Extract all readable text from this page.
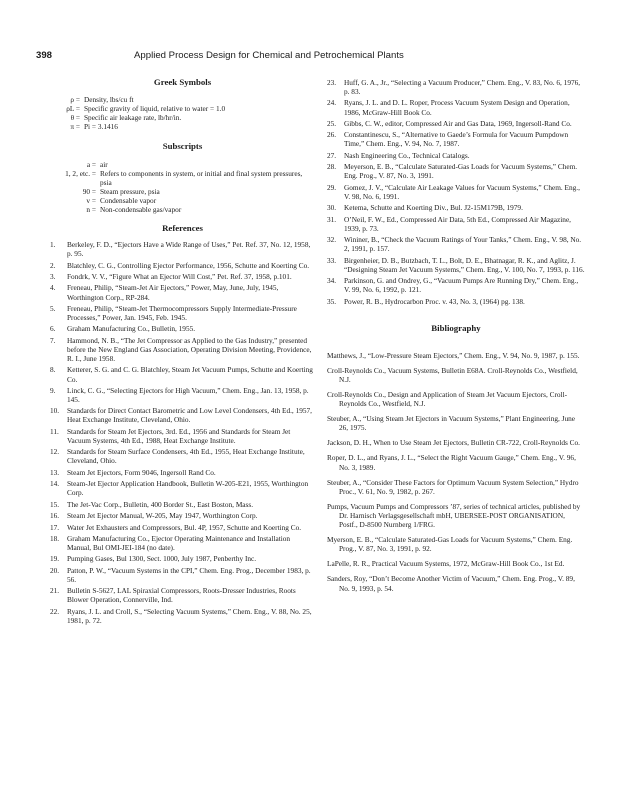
398	Applied Process Design for Chemical and Petrochemical Plants
Greek Symbols
ρ = Density, lbs/cu ft
ρL = Specific gravity of liquid, relative to water = 1.0
θ = Specific air leakage rate, lb/hr/in.
π = Pi = 3.1416
Subscripts
a = air
1, 2, etc. = Refers to components in system, or initial and final system pressures, psia
90 = Steam pressure, psia
v = Condensable vapor
n = Non-condensable gas/vapor
References
1. Berkeley, F. D., “Ejectors Have a Wide Range of Uses,” Pet. Ref. 37, No. 12, 1958, p. 95.
2. Blatchley, C. G., Controlling Ejector Performance, 1956, Schutte and Koerting Co.
3. Fondrk, V. V., “Figure What an Ejector Will Cost,” Pet. Ref. 37, 1958, p.101.
4. Freneau, Philip, “Steam-Jet Air Ejectors,” Power, May, June, July, 1945, Worthington Corp., RP-284.
5. Freneau, Philip, “Steam-Jet Thermocompressors Supply Intermediate-Pressure Processes,” Power, Jan. 1945, Feb. 1945.
6. Graham Manufacturing Co., Bulletin, 1955.
7. Hammond, N. B., “The Jet Compressor as Applied to the Gas Industry,” presented before the New England Gas Association, Operating Division Meeting, Providence, R. I., June 1958.
8. Ketterer, S. G. and C. G. Blatchley, Steam Jet Vacuum Pumps, Schutte and Koerting Co.
9. Linck, C. G., “Selecting Ejectors for High Vacuum,” Chem. Eng., Jan. 13, 1958, p. 145.
10. Standards for Direct Contact Barometric and Low Level Condensers, 4th Ed., 1957, Heat Exchange Institute, Cleveland, Ohio.
11. Standards for Steam Jet Ejectors, 3rd. Ed., 1956 and Standards for Steam Jet Vacuum Systems, 4th Ed., 1988, Heat Exchange Institute.
12. Standards for Steam Surface Condensers, 4th Ed., 1955, Heat Exchange Institute, Cleveland, Ohio.
13. Steam Jet Ejectors, Form 9046, Ingersoll Rand Co.
14. Steam-Jet Ejector Application Handbook, Bulletin W-205-E21, 1955, Worthington Corp.
15. The Jet-Vac Corp., Bulletin, 400 Border St., East Boston, Mass.
16. Steam Jet Ejector Manual, W-205, May 1947, Worthington Corp.
17. Water Jet Exhausters and Compressors, Bul. 4P, 1957, Schutte and Koerting Co.
18. Graham Manufacturing Co., Ejector Operating Maintenance and Installation Manual, Bul OMI-JEI-184 (no date).
19. Pumping Gases, Bul 1300, Sect. 1000, July 1987, Penberthy Inc.
20. Patton, P. W., “Vacuum Systems in the CPI,” Chem. Eng. Prog., December 1983, p. 56.
21. Bulletin S-5627, LAL Spiraxial Compressors, Roots-Dresser Industries, Roots Blower Operation, Connerville, Ind.
22. Ryans, J. L. and Croll, S., “Selecting Vacuum Systems,” Chem. Eng., V. 88, No. 25, 1981, p. 72.
23. Huff, G. A., Jr., “Selecting a Vacuum Producer,” Chem. Eng., V. 83, No. 6, 1976, p. 83.
24. Ryans, J. L. and D. L. Roper, Process Vacuum System Design and Operation, 1986, McGraw-Hill Book Co.
25. Gibbs, C. W., editor, Compressed Air and Gas Data, 1969, Ingersoll-Rand Co.
26. Constantinescu, S., “Alternative to Gaede’s Formula for Vacuum Pumpdown Time,” Chem. Eng., V. 94, No. 7, 1987.
27. Nash Engineering Co., Technical Catalogs.
28. Meyerson, E. B., “Calculate Saturated-Gas Loads for Vacuum Systems,” Chem. Eng. Prog., V. 87, No. 3, 1991.
29. Gomez, J. V., “Calculate Air Leakage Values for Vacuum Systems,” Chem. Eng., V. 98, No. 6, 1991.
30. Ketema, Schutte and Koerting Div., Bul. J2-15M179B, 1979.
31. O’Neil, F. W., Ed., Compressed Air Data, 5th Ed., Compressed Air Magazine, 1939, p. 73.
32. Wininer, B., “Check the Vacuum Ratings of Your Tanks,” Chem. Eng., V. 98, No. 2, 1991, p. 157.
33. Birgenheier, D. B., Butzbach, T. L., Bolt, D. E., Bhatnagar, R. K., and Aglitz, J. “Designing Steam Jet Vacuum Systems,” Chem. Eng., V. 100, No. 7, 1993, p. 116.
34. Parkinson, G. and Ondrey, G., “Vacuum Pumps Are Running Dry,” Chem. Eng., V. 99, No. 6, 1992, p. 121.
35. Power, R. B., Hydrocarbon Proc. v. 43, No. 3, (1964) pg. 138.
Bibliography
Matthews, J., “Low-Pressure Steam Ejectors,” Chem. Eng., V. 94, No. 9, 1987, p. 155.
Croll-Reynolds Co., Vacuum Systems, Bulletin E68A. Croll-Reynolds Co., Westfield, N.J.
Croll-Reynolds Co., Design and Application of Steam Jet Vacuum Ejectors, Croll-Reynolds Co., Westfield, N.J.
Steuber, A., “Using Steam Jet Ejectors in Vacuum Systems,” Plant Engineering, June 26, 1975.
Jackson, D. H., When to Use Steam Jet Ejectors, Bulletin CR-722, Croll-Reynolds Co.
Roper, D. L., and Ryans, J. L., “Select the Right Vacuum Gauge,” Chem. Eng., V. 96, No. 3, 1989.
Steuber, A., “Consider These Factors for Optimum Vacuum System Selection,” Hydro Proc., V. 61, No. 9, 1982, p. 267.
Pumps, Vacuum Pumps and Compressors ’87, series of technical articles, published by Dr. Harnisch Verlagsgesellschaft mbH, UBERSEE-POST ORGANISATION, Postf., D-8500 Nurnberg 1/FRG.
Myerson, E. B., “Calculate Saturated-Gas Loads for Vacuum Systems,” Chem. Eng. Prog., V. 87, No. 3, 1991, p. 92.
LaPelle, R. R., Practical Vacuum Systems, 1972, McGraw-Hill Book Co., 1st Ed.
Sanders, Roy, “Don’t Become Another Victim of Vacuum,” Chem. Eng. Prog., V. 89, No. 9, 1993, p. 54.
